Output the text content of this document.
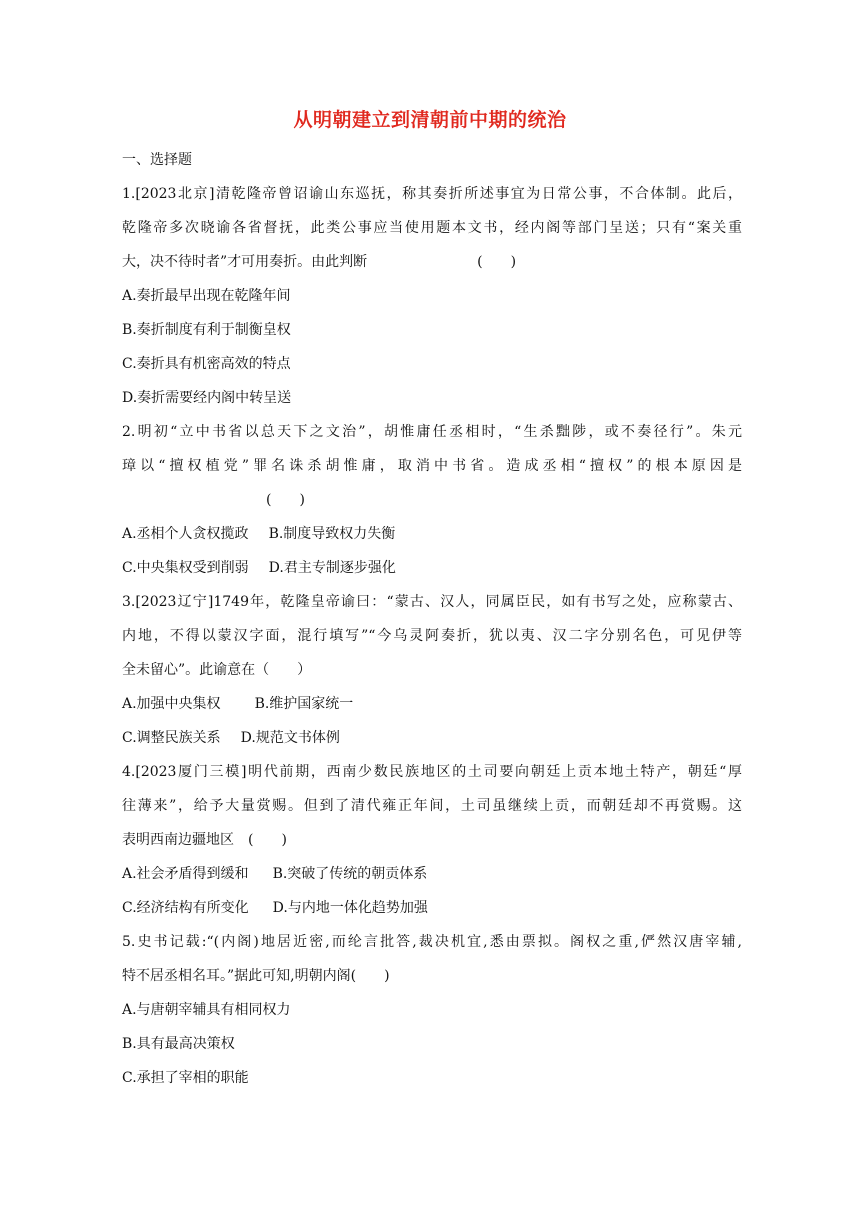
从明朝建立到清朝前中期的统治
一、选择题
1.[2023北京]清乾隆帝曾诏谕山东巡抚，称其奏折所述事宜为日常公事，不合体制。此后，
乾隆帝多次晓谕各省督抚，此类公事应当使用题本文书，经内阁等部门呈送；只有“案关重
大，决不待时者”才可用奏折。由此判断	(　　)
A.奏折最早出现在乾隆年间
B.奏折制度有利于制衡皇权
C.奏折具有机密高效的特点
D.奏折需要经内阁中转呈送
2.明初“立中书省以总天下之文治”，胡惟庸任丞相时，“生杀黜陟，或不奏径行”。朱元
璋以“擅权植党”罪名诛杀胡惟庸，取消中书省。造成丞相“擅权”的根本原因是
(　　)
A.丞相个人贪权揽政 B.制度导致权力失衡
C.中央集权受到削弱 D.君主专制逐步强化
3.[2023辽宁]1749年，乾隆皇帝谕曰：“蒙古、汉人，同属臣民，如有书写之处，应称蒙古、
内地，不得以蒙汉字面，混行填写”“今乌灵阿奏折，犹以夷、汉二字分别名色，可见伊等
全未留心”。此谕意在（　　）
A.加强中央集权 B.维护国家统一
C.调整民族关系 D.规范文书体例
4.[2023厦门三模]明代前期，西南少数民族地区的土司要向朝廷上贡本地土特产，朝廷“厚
往薄来”，给予大量赏赐。但到了清代雍正年间，土司虽继续上贡，而朝廷却不再赏赐。这
表明西南边疆地区 (　　)
A.社会矛盾得到缓和 B.突破了传统的朝贡体系
C.经济结构有所变化 D.与内地一体化趋势加强
5.史书记载:“(内阁)地居近密,而纶言批答,裁决机宜,悉由票拟。阁权之重,俨然汉唐宰辅,
特不居丞相名耳。”据此可知,明朝内阁(　　)
A.与唐朝宰辅具有相同权力
B.具有最高决策权
C.承担了宰相的职能
